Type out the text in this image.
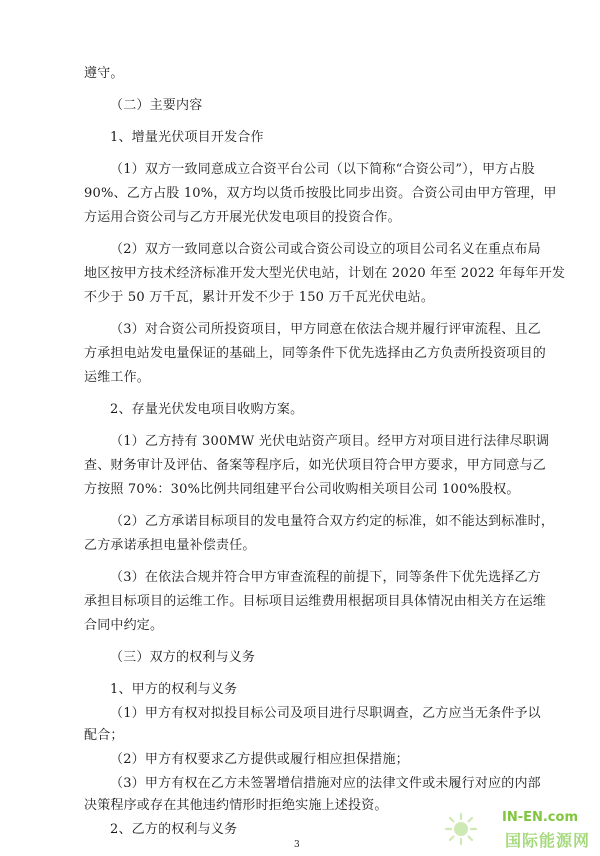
遵守。
（二）主要内容
1、增量光伏项目开发合作
（1）双方一致同意成立合资平台公司（以下简称“合资公司”），甲方占股
90%、乙方占股 10%，双方均以货币按股比同步出资。合资公司由甲方管理，甲
方运用合资公司与乙方开展光伏发电项目的投资合作。
（2）双方一致同意以合资公司或合资公司设立的项目公司名义在重点布局
地区按甲方技术经济标准开发大型光伏电站，计划在 2020 年至 2022 年每年开发
不少于 50 万千瓦，累计开发不少于 150 万千瓦光伏电站。
（3）对合资公司所投资项目，甲方同意在依法合规并履行评审流程、且乙
方承担电站发电量保证的基础上，同等条件下优先选择由乙方负责所投资项目的
运维工作。
2、存量光伏发电项目收购方案。
（1）乙方持有 300MW 光伏电站资产项目。经甲方对项目进行法律尽职调
查、财务审计及评估、备案等程序后，如光伏项目符合甲方要求，甲方同意与乙
方按照 70%：30%比例共同组建平台公司收购相关项目公司 100%股权。
（2）乙方承诺目标项目的发电量符合双方约定的标准，如不能达到标准时，
乙方承诺承担电量补偿责任。
（3）在依法合规并符合甲方审查流程的前提下，同等条件下优先选择乙方
承担目标项目的运维工作。目标项目运维费用根据项目具体情况由相关方在运维
合同中约定。
（三）双方的权利与义务
1、甲方的权利与义务
（1）甲方有权对拟投目标公司及项目进行尽职调查，乙方应当无条件予以
配合；
（2）甲方有权要求乙方提供或履行相应担保措施；
（3）甲方有权在乙方未签署增信措施对应的法律文件或未履行对应的内部
决策程序或存在其他违约情形时拒绝实施上述投资。
2、乙方的权利与义务
3
IN-EN.com
国际能源网
